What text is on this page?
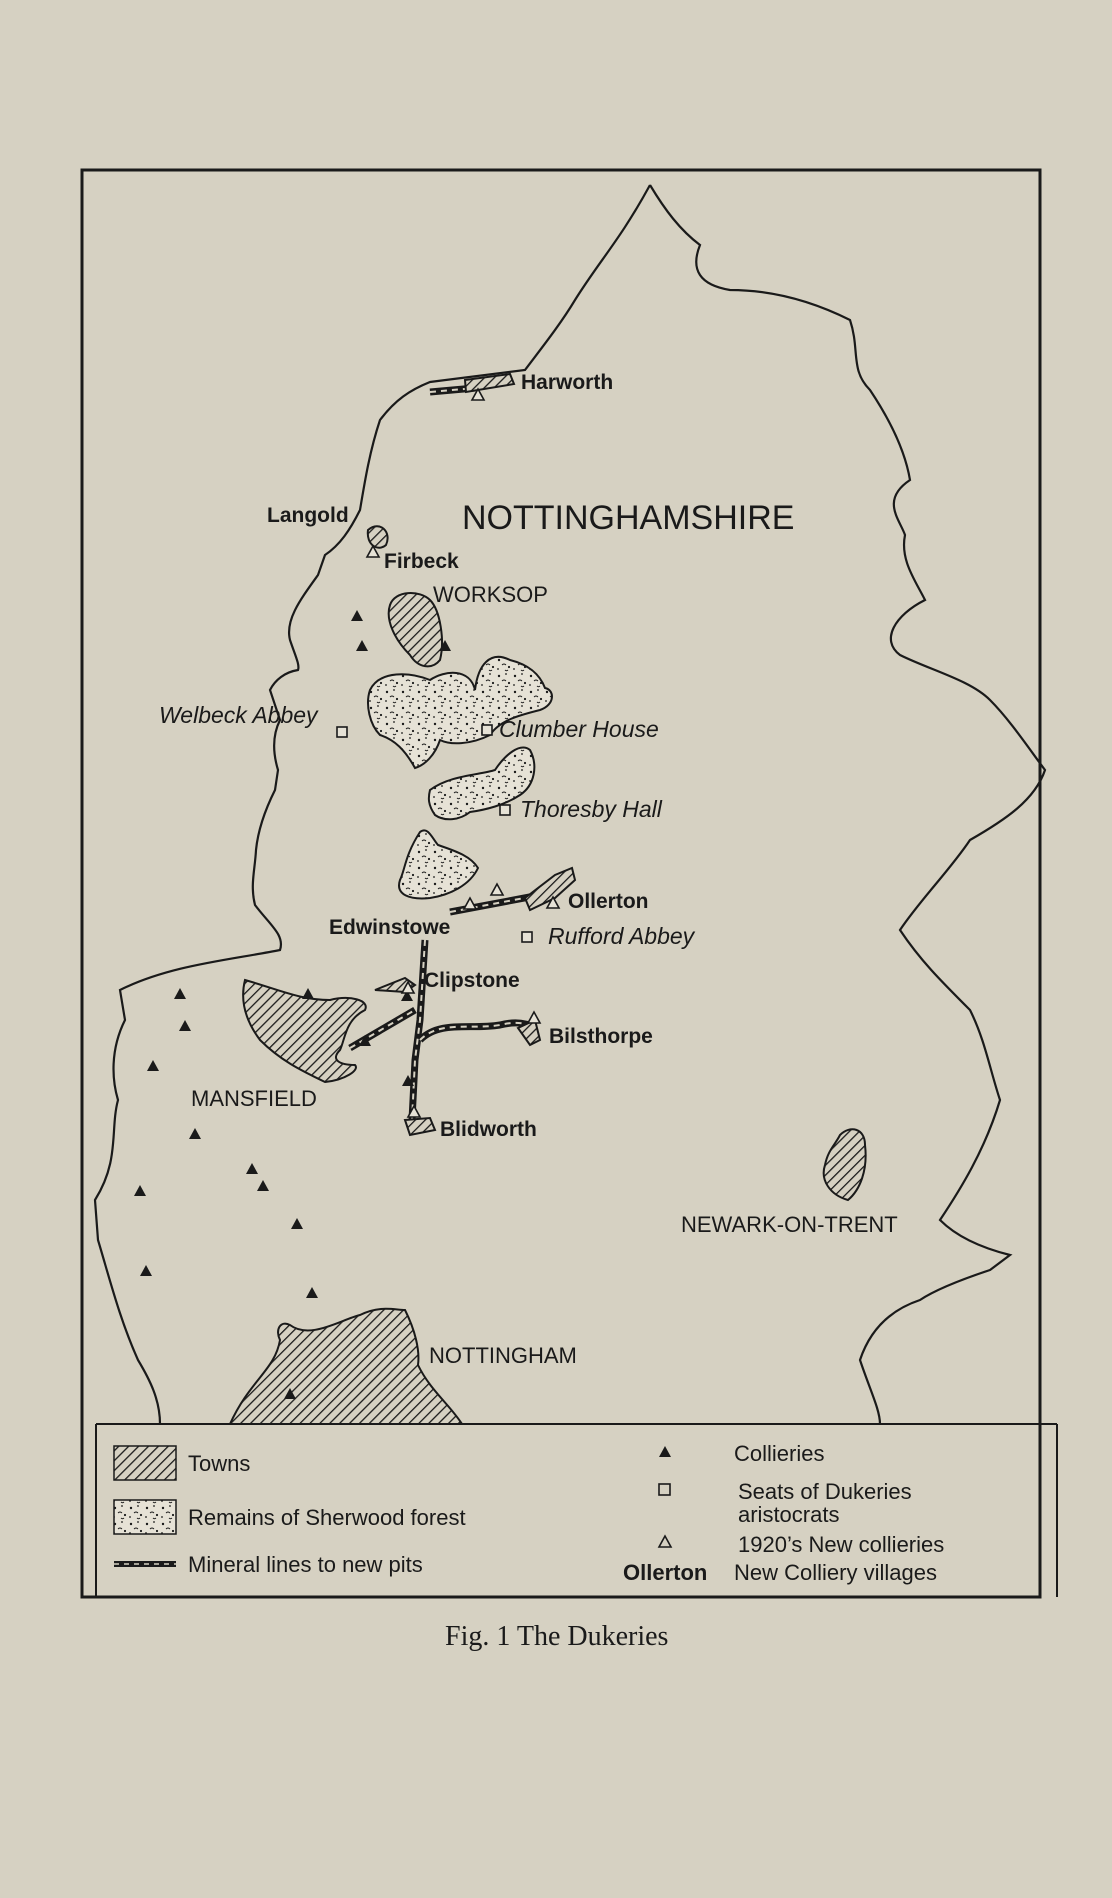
NOTTINGHAMSHIRE
Harworth
Langold
Firbeck
WORKSOP
Welbeck Abbey
Clumber House
Thoresby Hall
Ollerton
Edwinstowe	Rufford Abbey
Clipstone
Bilsthorpe
MANSFIELD
Blidworth
NEWARK-ON-TRENT
NOTTINGHAM
Towns
Remains of Sherwood forest
Mineral lines to new pits
Collieries
Seats of Dukeries
aristocrats
1920’s New collieries
Ollerton New Colliery villages
Fig. 1 The Dukeries
